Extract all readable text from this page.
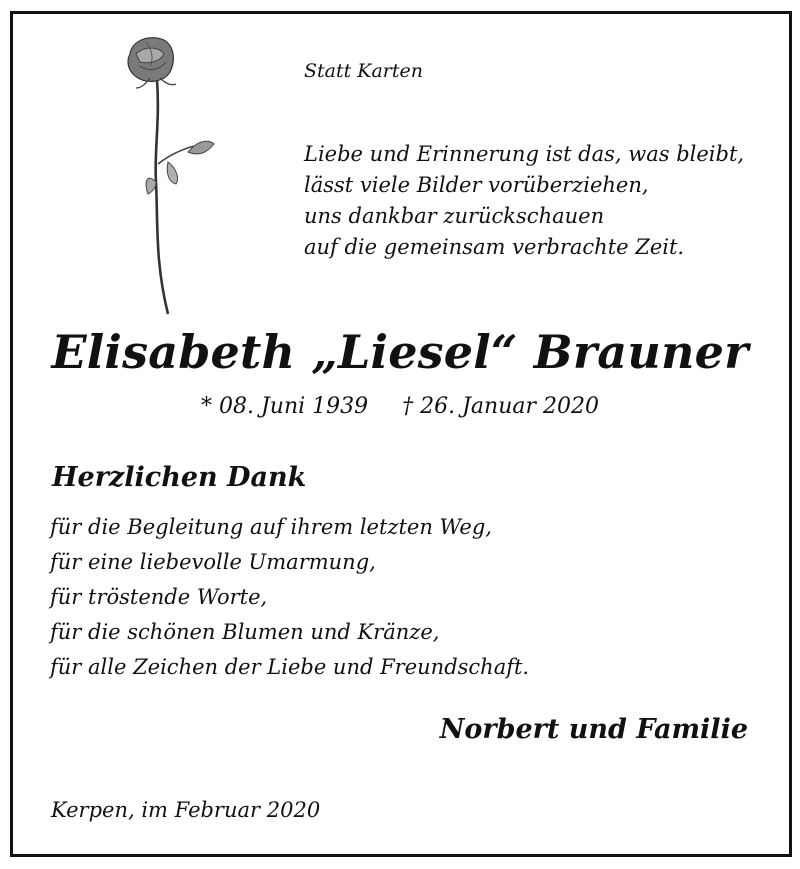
Statt Karten

Liebe und Erinnerung ist das, was bleibt,
lässt viele Bilder vorüberziehen,
uns dankbar zurückschauen
auf die gemeinsam verbrachte Zeit.
Elisabeth „Liesel“ Brauner
* 08. Juni 1939 † 26. Januar 2020
Herzlichen Dank
für die Begleitung auf ihrem letzten Weg,
für eine liebevolle Umarmung,
für tröstende Worte,
für die schönen Blumen und Kränze,
für alle Zeichen der Liebe und Freundschaft.
Norbert und Familie
Kerpen, im Februar 2020
